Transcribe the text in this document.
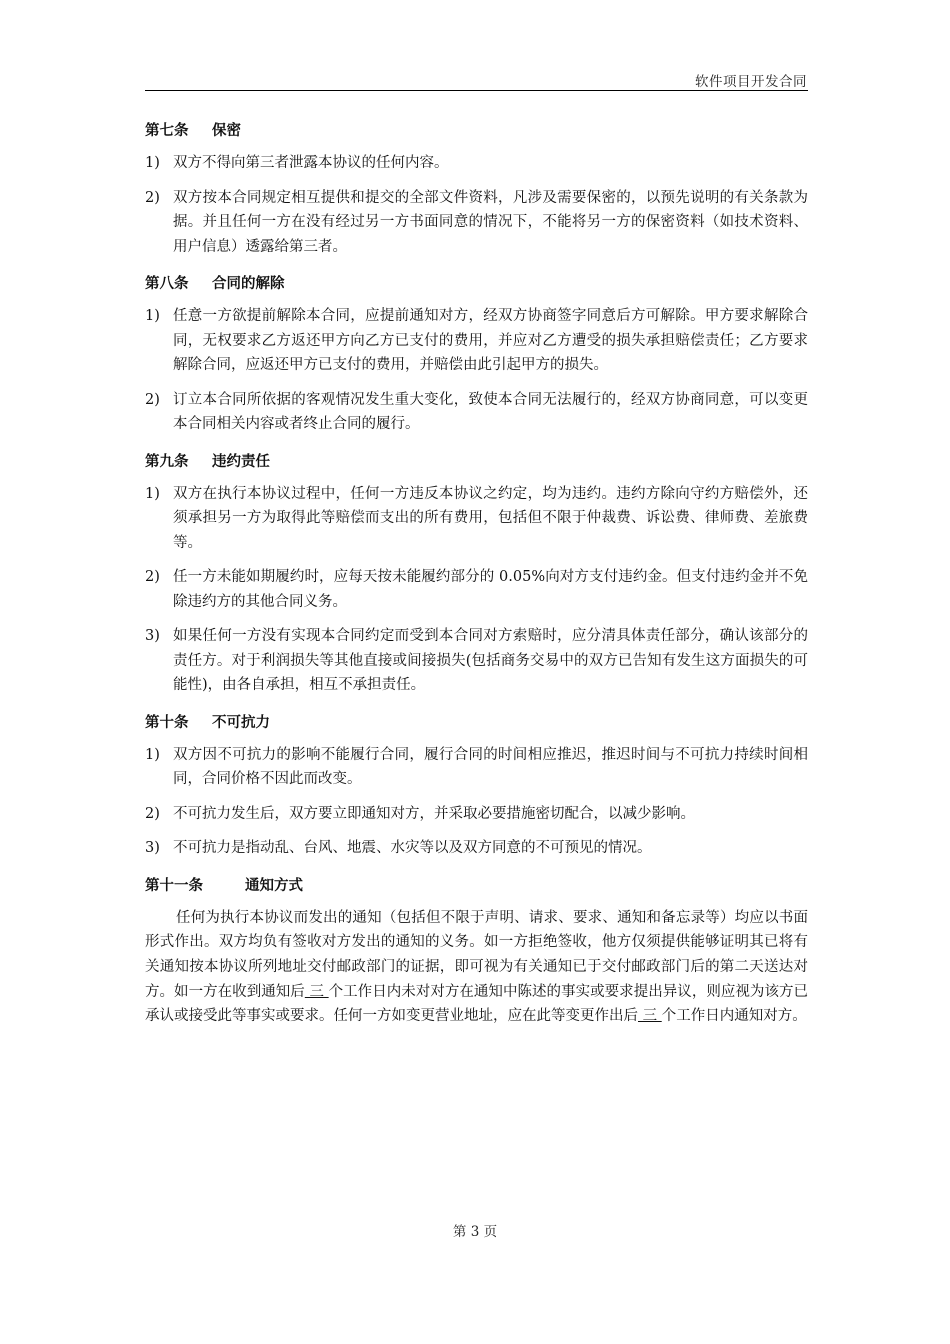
软件项目开发合同
第七条 保密
1) 双方不得向第三者泄露本协议的任何内容。
2) 双方按本合同规定相互提供和提交的全部文件资料，凡涉及需要保密的，以预先说明的有关条款为据。并且任何一方在没有经过另一方书面同意的情况下，不能将另一方的保密资料（如技术资料、用户信息）透露给第三者。
第八条 合同的解除
1) 任意一方欲提前解除本合同，应提前通知对方，经双方协商签字同意后方可解除。甲方要求解除合同，无权要求乙方返还甲方向乙方已支付的费用，并应对乙方遭受的损失承担赔偿责任；乙方要求解除合同，应返还甲方已支付的费用，并赔偿由此引起甲方的损失。
2) 订立本合同所依据的客观情况发生重大变化，致使本合同无法履行的，经双方协商同意，可以变更本合同相关内容或者终止合同的履行。
第九条 违约责任
1) 双方在执行本协议过程中，任何一方违反本协议之约定，均为违约。违约方除向守约方赔偿外，还须承担另一方为取得此等赔偿而支出的所有费用，包括但不限于仲裁费、诉讼费、律师费、差旅费等。
2) 任一方未能如期履约时，应每天按未能履约部分的 0.05%向对方支付违约金。但支付违约金并不免除违约方的其他合同义务。
3) 如果任何一方没有实现本合同约定而受到本合同对方索赔时，应分清具体责任部分，确认该部分的责任方。对于利润损失等其他直接或间接损失(包括商务交易中的双方已告知有发生这方面损失的可能性)，由各自承担，相互不承担责任。
第十条 不可抗力
1) 双方因不可抗力的影响不能履行合同，履行合同的时间相应推迟，推迟时间与不可抗力持续时间相同，合同价格不因此而改变。
2) 不可抗力发生后，双方要立即通知对方，并采取必要措施密切配合，以减少影响。
3) 不可抗力是指动乱、台风、地震、水灾等以及双方同意的不可预见的情况。
第十一条	通知方式
任何为执行本协议而发出的通知（包括但不限于声明、请求、要求、通知和备忘录等）均应以书面形式作出。双方均负有签收对方发出的通知的义务。如一方拒绝签收，他方仅须提供能够证明其已将有关通知按本协议所列地址交付邮政部门的证据，即可视为有关通知已于交付邮政部门后的第二天送达对方。如一方在收到通知后 三 个工作日内未对对方在通知中陈述的事实或要求提出异议，则应视为该方已承认或接受此等事实或要求。任何一方如变更营业地址，应在此等变更作出后 三 个工作日内通知对方。
第 3 页
